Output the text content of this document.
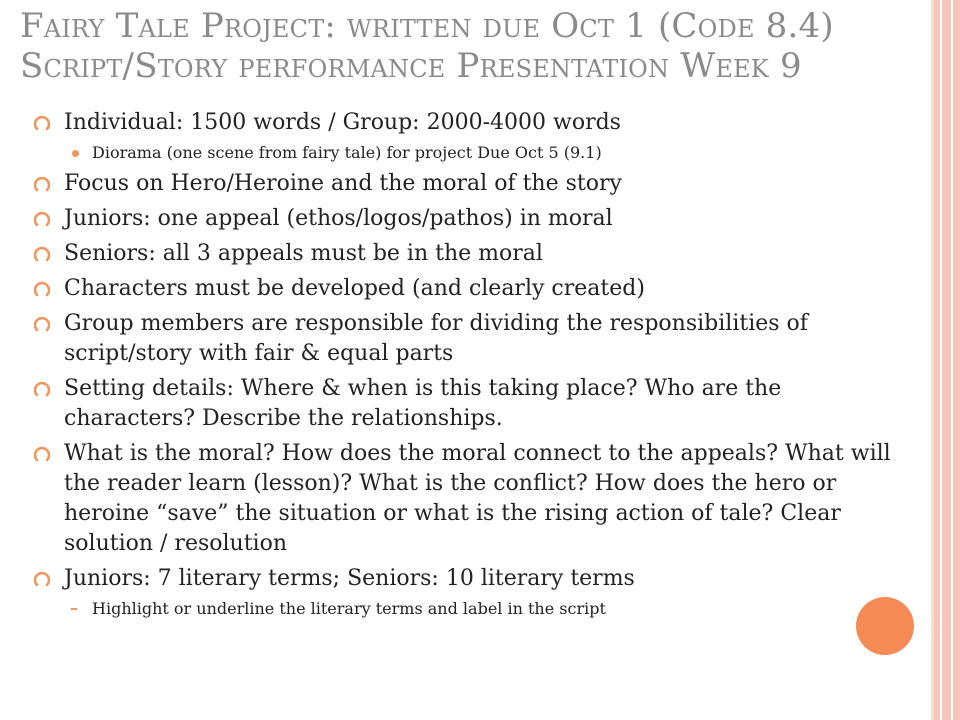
Fairy Tale Project: written due Oct 1 (Code 8.4)
Script/Story performance Presentation Week 9
Individual: 1500 words / Group: 2000-4000 words
Diorama (one scene from fairy tale) for project Due Oct 5 (9.1)
Focus on Hero/Heroine and the moral of the story
Juniors: one appeal (ethos/logos/pathos) in moral
Seniors: all 3 appeals must be in the moral
Characters must be developed (and clearly created)
Group members are responsible for dividing the responsibilities of script/story with fair & equal parts
Setting details: Where & when is this taking place? Who are the characters? Describe the relationships.
What is the moral? How does the moral connect to the appeals? What will the reader learn (lesson)? What is the conflict? How does the hero or heroine “save” the situation or what is the rising action of tale? Clear solution / resolution
Juniors: 7 literary terms; Seniors: 10 literary terms
Highlight or underline the literary terms and label in the script
